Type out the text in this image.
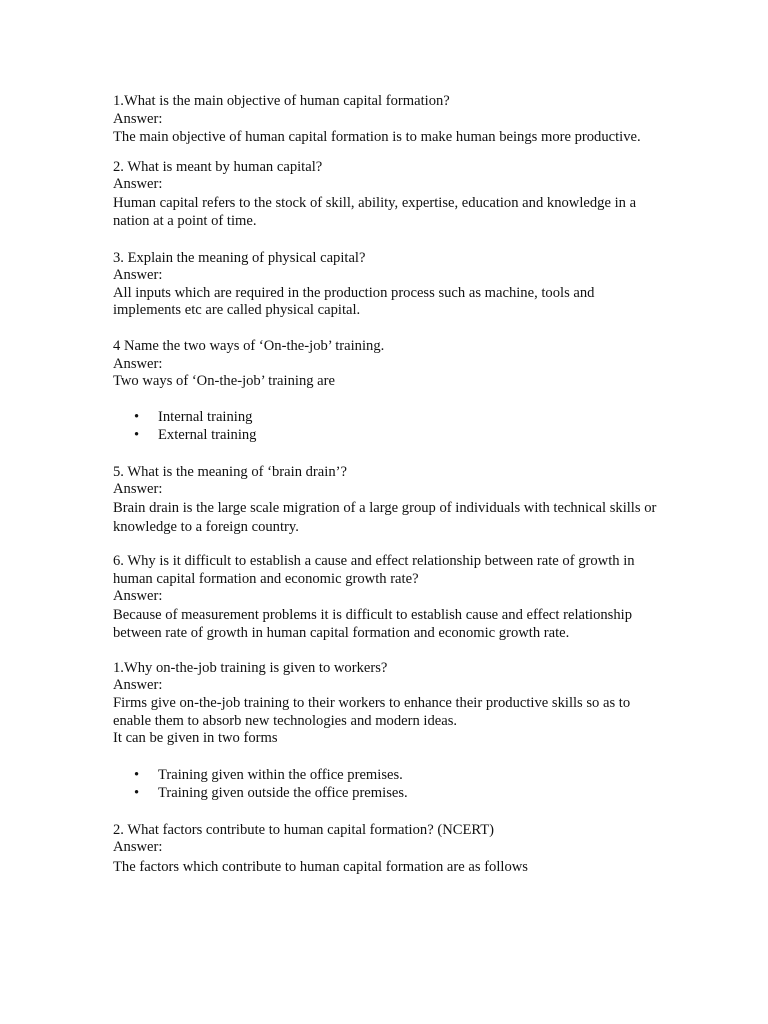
1.What is the main objective of human capital formation?
Answer:
The main objective of human capital formation is to make human beings more productive.
2. What is meant by human capital?
Answer:
Human capital refers to the stock of skill, ability, expertise, education and knowledge in a nation at a point of time.
3. Explain the meaning of physical capital?
Answer:
All inputs which are required in the production process such as machine, tools and implements etc are called physical capital.
4 Name the two ways of ‘On-the-job’ training.
Answer:
Two ways of ‘On-the-job’ training are
• Internal training
• External training
5. What is the meaning of ‘brain drain’?
Answer:
Brain drain is the large scale migration of a large group of individuals with technical skills or knowledge to a foreign country.
6. Why is it difficult to establish a cause and effect relationship between rate of growth in human capital formation and economic growth rate?
Answer:
Because of measurement problems it is difficult to establish cause and effect relationship between rate of growth in human capital formation and economic growth rate.
1.Why on-the-job training is given to workers?
Answer:
Firms give on-the-job training to their workers to enhance their productive skills so as to enable them to absorb new technologies and modern ideas.
It can be given in two forms
• Training given within the office premises.
• Training given outside the office premises.
2. What factors contribute to human capital formation? (NCERT)
Answer:
The factors which contribute to human capital formation are as follows
